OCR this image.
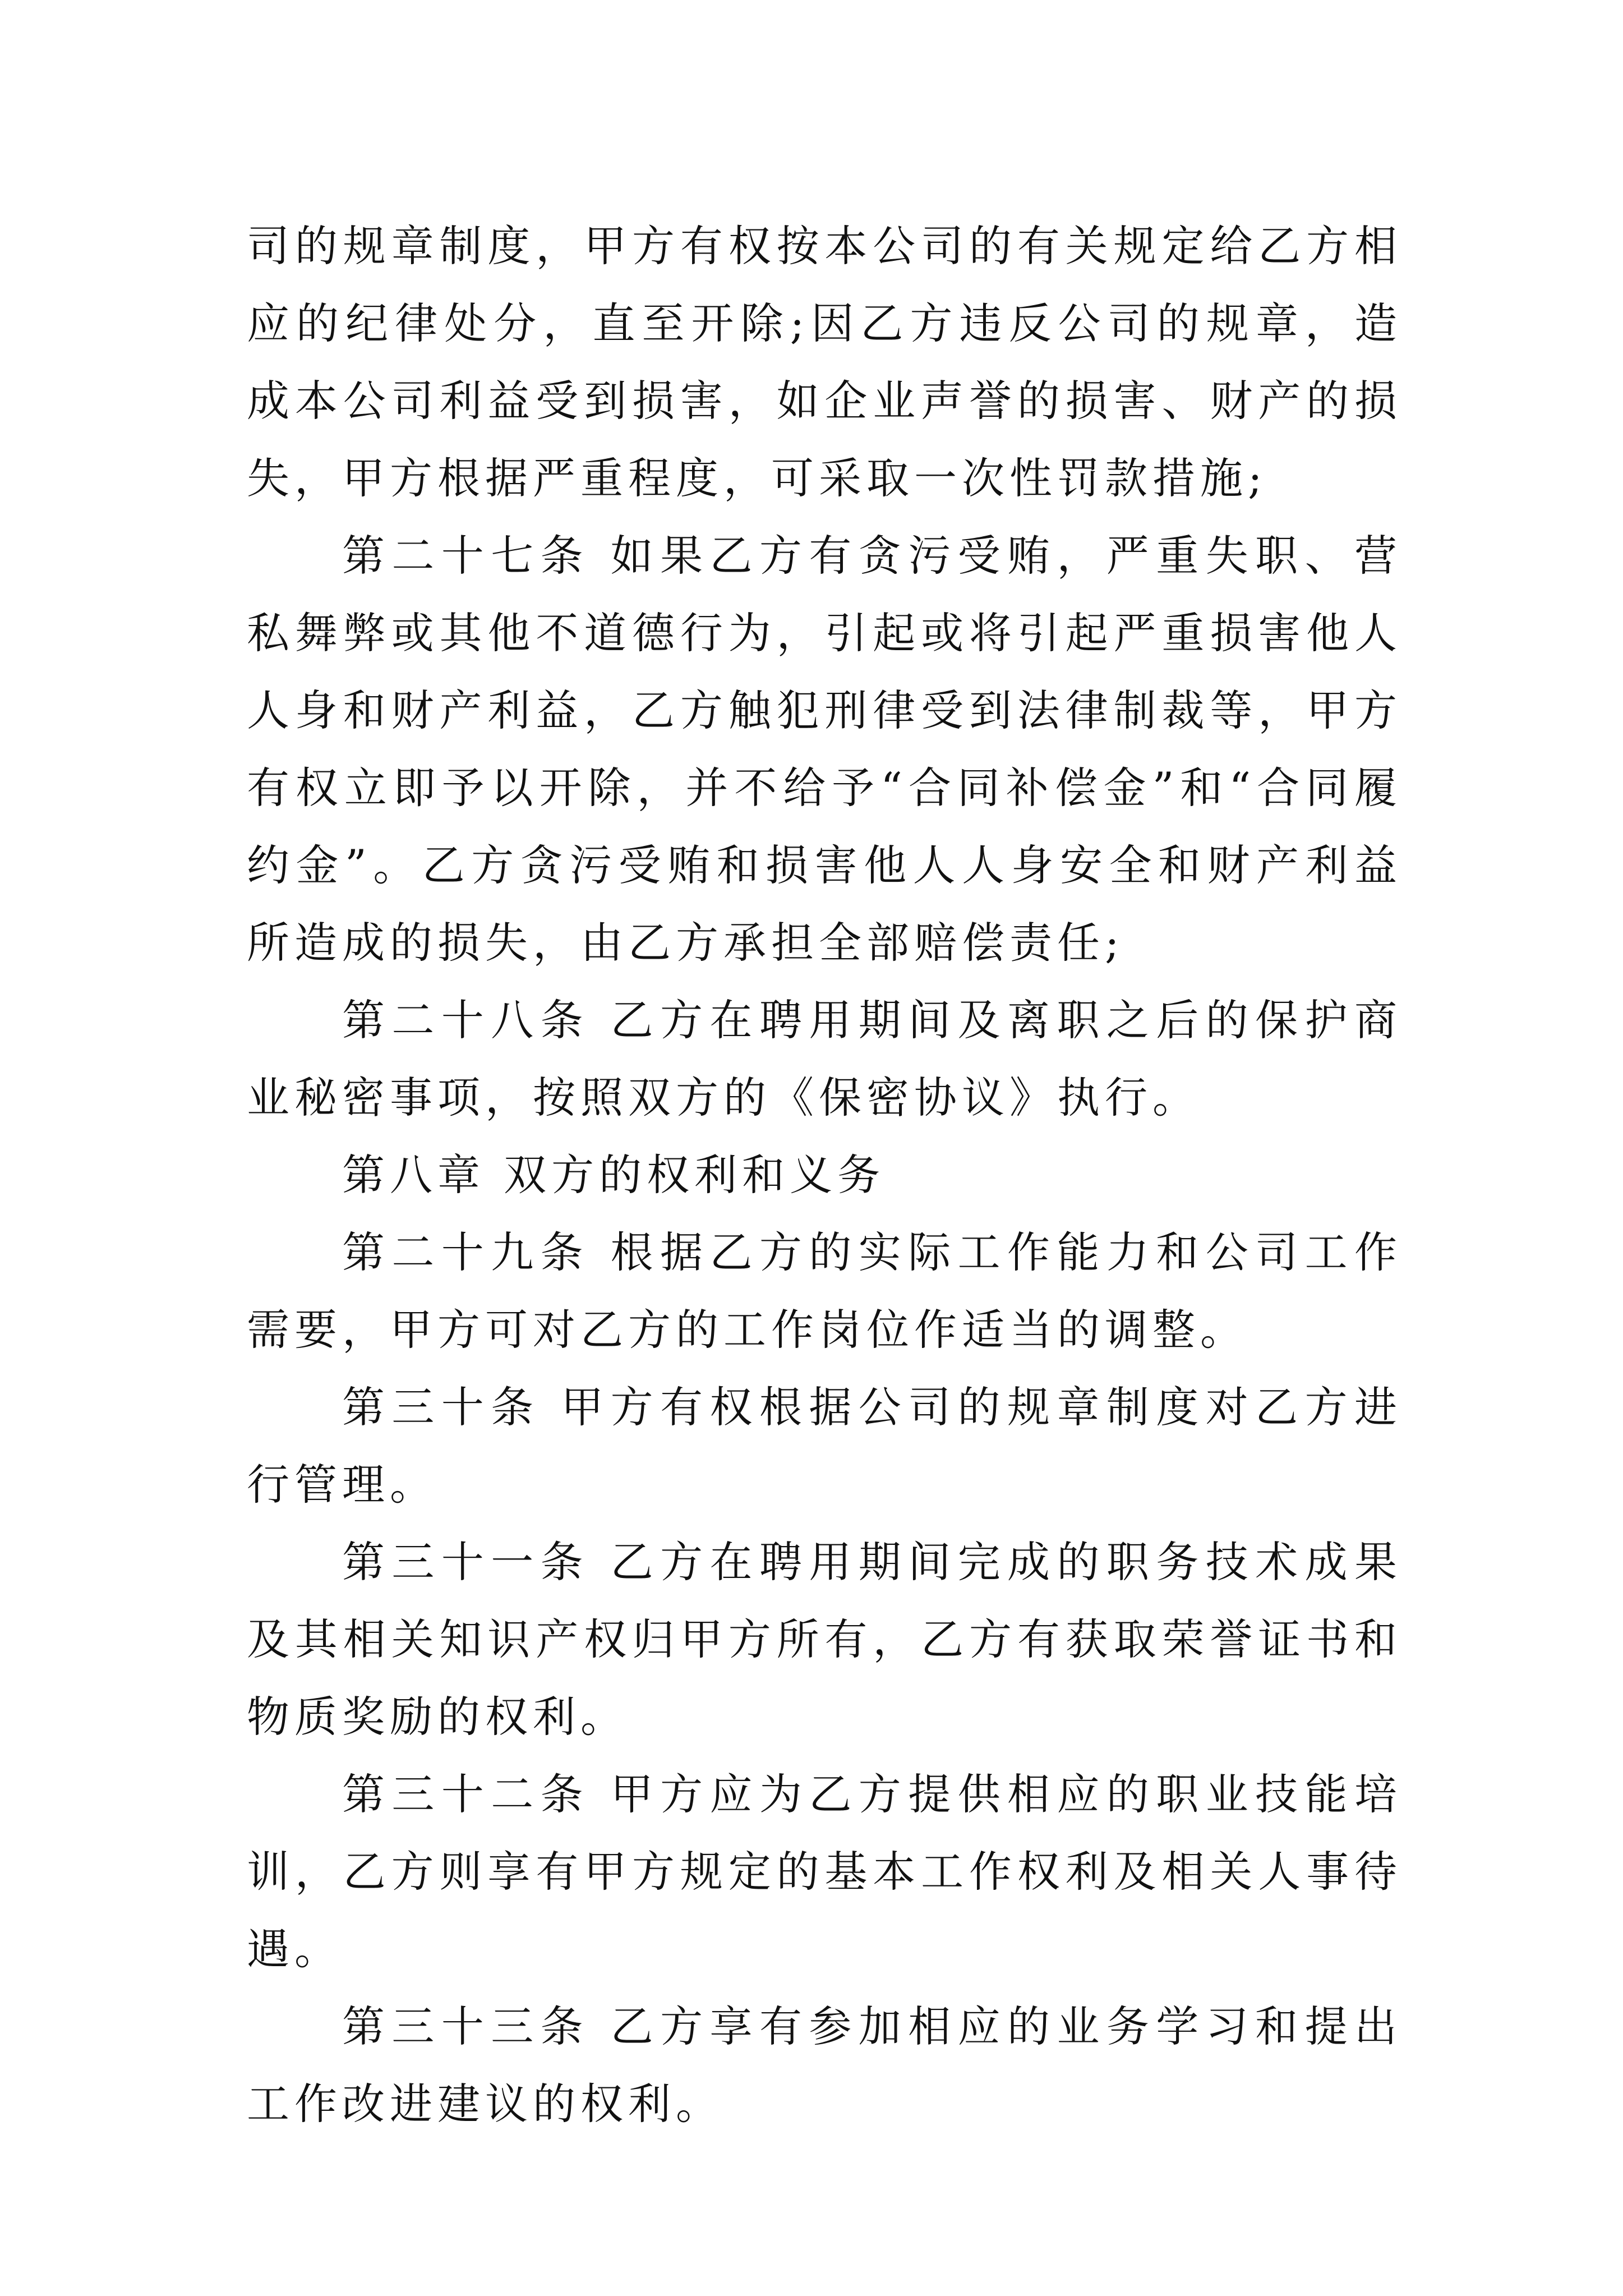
司的规章制度，甲方有权按本公司的有关规定给乙方相应的纪律处分，直至开除;因乙方违反公司的规章，造成本公司利益受到损害，如企业声誉的损害、财产的损失，甲方根据严重程度，可采取一次性罚款措施;

第二十七条 如果乙方有贪污受贿，严重失职、营私舞弊或其他不道德行为，引起或将引起严重损害他人人身和财产利益，乙方触犯刑律受到法律制裁等，甲方有权立即予以开除，并不给予“合同补偿金”和“合同履约金”。乙方贪污受贿和损害他人人身安全和财产利益所造成的损失，由乙方承担全部赔偿责任;

第二十八条 乙方在聘用期间及离职之后的保护商业秘密事项，按照双方的《保密协议》执行。

第八章 双方的权利和义务

第二十九条 根据乙方的实际工作能力和公司工作需要，甲方可对乙方的工作岗位作适当的调整。

第三十条 甲方有权根据公司的规章制度对乙方进行管理。

第三十一条 乙方在聘用期间完成的职务技术成果及其相关知识产权归甲方所有，乙方有获取荣誉证书和物质奖励的权利。

第三十二条 甲方应为乙方提供相应的职业技能培训，乙方则享有甲方规定的基本工作权利及相关人事待遇。

第三十三条 乙方享有参加相应的业务学习和提出工作改进建议的权利。
